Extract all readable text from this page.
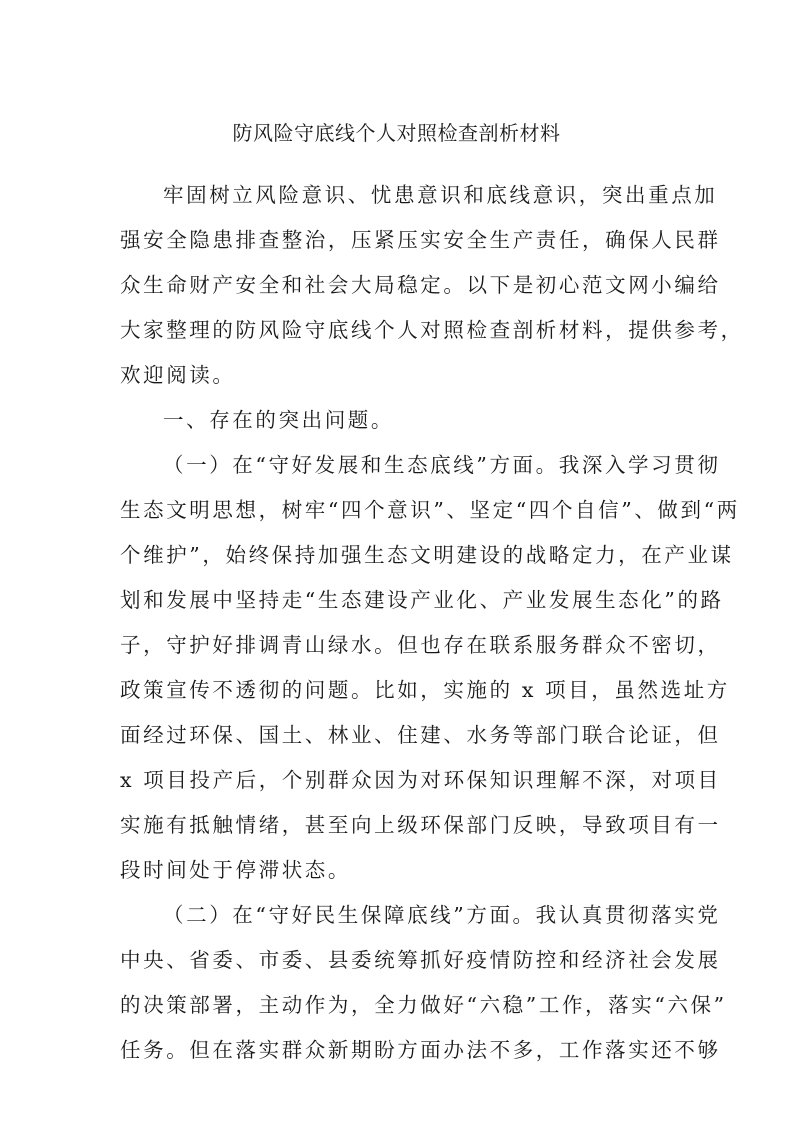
防风险守底线个人对照检查剖析材料
牢固树立风险意识、忧患意识和底线意识，突出重点加
强安全隐患排查整治，压紧压实安全生产责任，确保人民群
众生命财产安全和社会大局稳定。以下是初心范文网小编给
大家整理的防风险守底线个人对照检查剖析材料，提供参考，
欢迎阅读。
一、存在的突出问题。
（一）在“守好发展和生态底线”方面。我深入学习贯彻
生态文明思想，树牢“四个意识”、坚定“四个自信”、做到“两
个维护”，始终保持加强生态文明建设的战略定力，在产业谋
划和发展中坚持走“生态建设产业化、产业发展生态化”的路
子，守护好排调青山绿水。但也存在联系服务群众不密切，
政策宣传不透彻的问题。比如，实施的 x 项目，虽然选址方
面经过环保、国土、林业、住建、水务等部门联合论证，但
x 项目投产后，个别群众因为对环保知识理解不深，对项目
实施有抵触情绪，甚至向上级环保部门反映，导致项目有一
段时间处于停滞状态。
（二）在“守好民生保障底线”方面。我认真贯彻落实党
中央、省委、市委、县委统筹抓好疫情防控和经济社会发展
的决策部署，主动作为，全力做好“六稳”工作，落实“六保”
任务。但在落实群众新期盼方面办法不多，工作落实还不够
